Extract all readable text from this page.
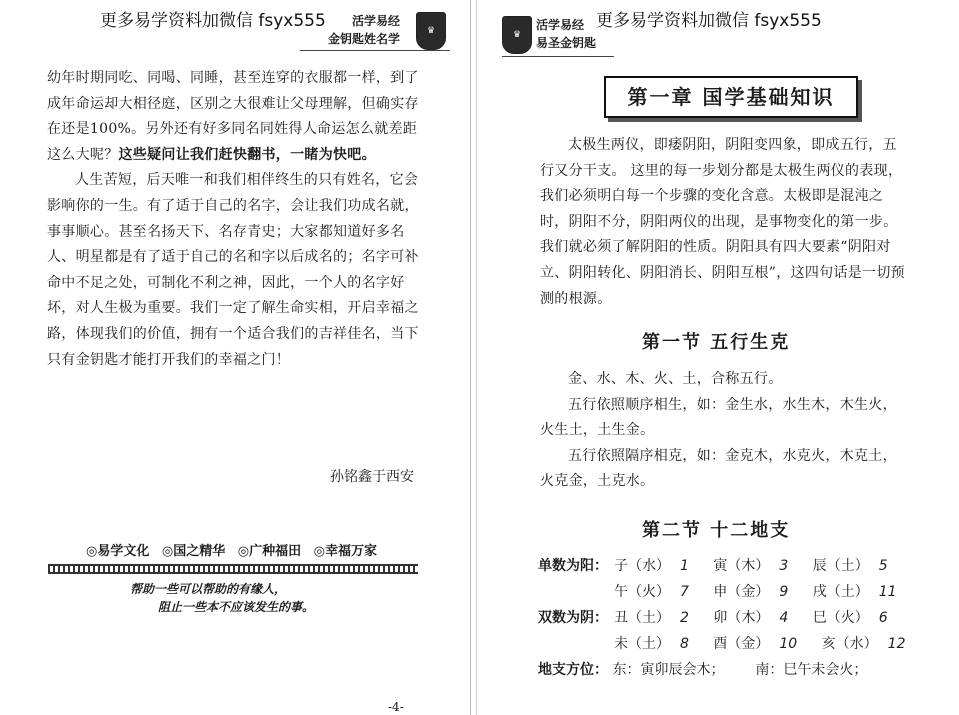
更多易学资料加微信 fsyx555	活学易经
金钥匙姓名学
♛

幼年时期同吃、同喝、同睡，甚至连穿的衣服都一样，到了成年命运却大相径庭，区别之大很难让父母理解，但确实存在还是100%。另外还有好多同名同姓得人命运怎么就差距这么大呢？这些疑问让我们赶快翻书，一睹为快吧。

人生苦短，后天唯一和我们相伴终生的只有姓名，它会影响你的一生。有了适于自己的名字，会让我们功成名就，事事顺心。甚至名扬天下、名存青史；大家都知道好多名人、明星都是有了适于自己的名和字以后成名的；名字可补命中不足之处，可制化不利之神，因此，一个人的名字好坏，对人生极为重要。我们一定了解生命实相，开启幸福之路，体现我们的价值，拥有一个适合我们的吉祥佳名，当下只有金钥匙才能打开我们的幸福之门！

孙铭鑫于西安
◎易学文化 ◎国之精华 ◎广种福田 ◎幸福万家
帮助一些可以帮助的有缘人，
阻止一些本不应该发生的事。
-4-
更多易学资料加微信 fsyx555
♛
活学易经
易圣金钥匙
第一章 国学基础知识

太极生两仪，即痿阴阳，阴阳变四象，即成五行，五行又分干支。 这里的每一步划分都是太极生两仪的表现，我们必须明白每一个步骤的变化含意。太极即是混沌之时，阴阳不分，阴阳两仪的出现，是事物变化的第一步。我们就必须了解阴阳的性质。阴阳具有四大要素“阴阳对立、阴阳转化、阴阳消长、阴阳互根”，这四句话是一切预测的根源。

第一节 五行生克

金、水、木、火、土，合称五行。

五行依照顺序相生，如：金生水，水生木，木生火，火生土，土生金。

五行依照隔序相克，如：金克木，水克火，木克土，火克金，土克水。

第二节 十二地支
单数为阳： 子（水） 1 寅（木） 3 辰（土） 5
午（火） 7 申（金） 9 戌（土） 11
双数为阴： 丑（土） 2 卯（木） 4 巳（火） 6
未（土） 8 酉（金） 10 亥（水） 12
地支方位： 东：寅卯辰会木； 南：巳午未会火；
